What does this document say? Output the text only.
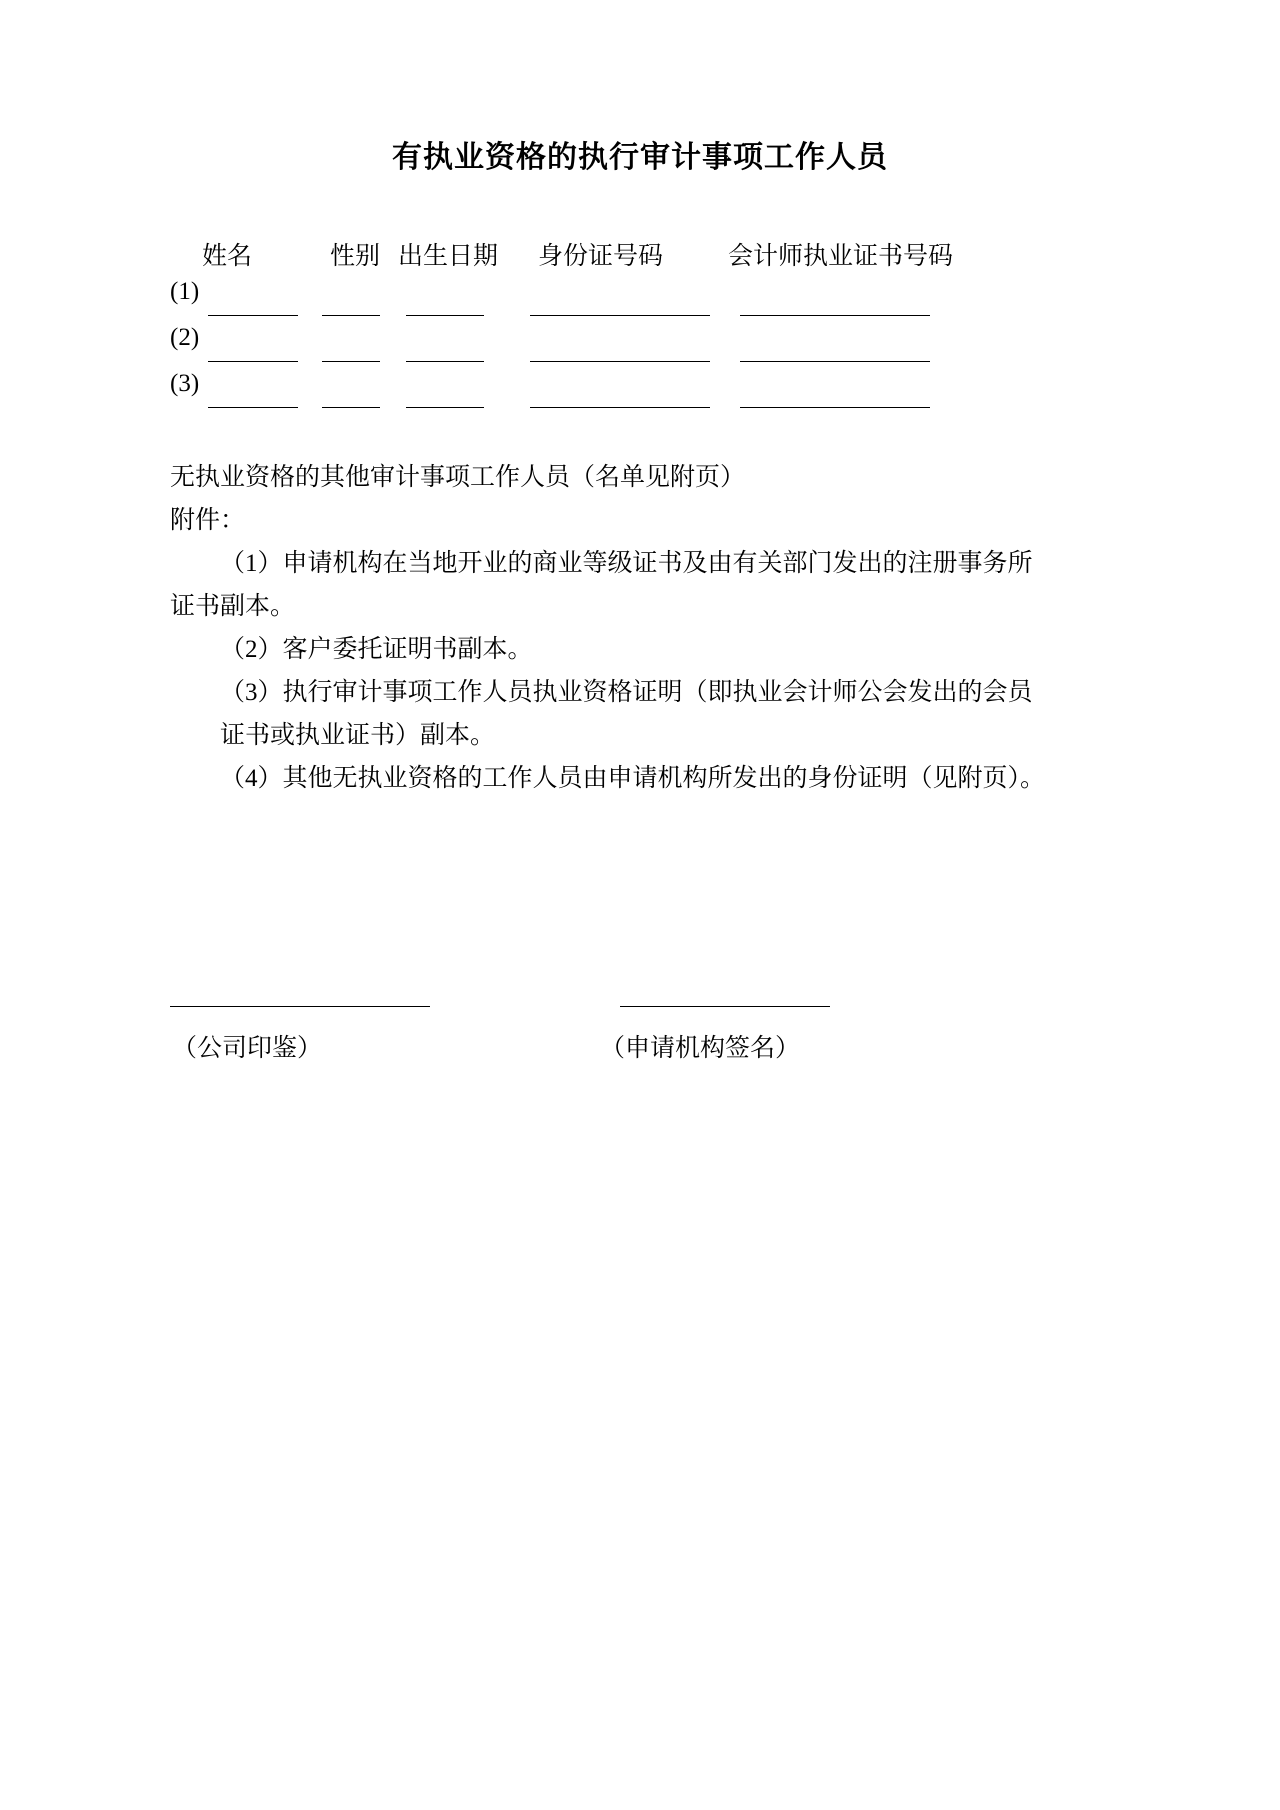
有执业资格的执行审计事项工作人员
姓名	性别 出生日期 身份证号码	会计师执业证书号码
(1)
(2)
(3)

无执业资格的其他审计事项工作人员（名单见附页）

附件：

（1）申请机构在当地开业的商业等级证书及由有关部门发出的注册事务所

证书副本。

（2）客户委托证明书副本。

（3）执行审计事项工作人员执业资格证明（即执业会计师公会发出的会员

证书或执业证书）副本。

（4）其他无执业资格的工作人员由申请机构所发出的身份证明（见附页）。

（公司印鉴）	（申请机构签名）
